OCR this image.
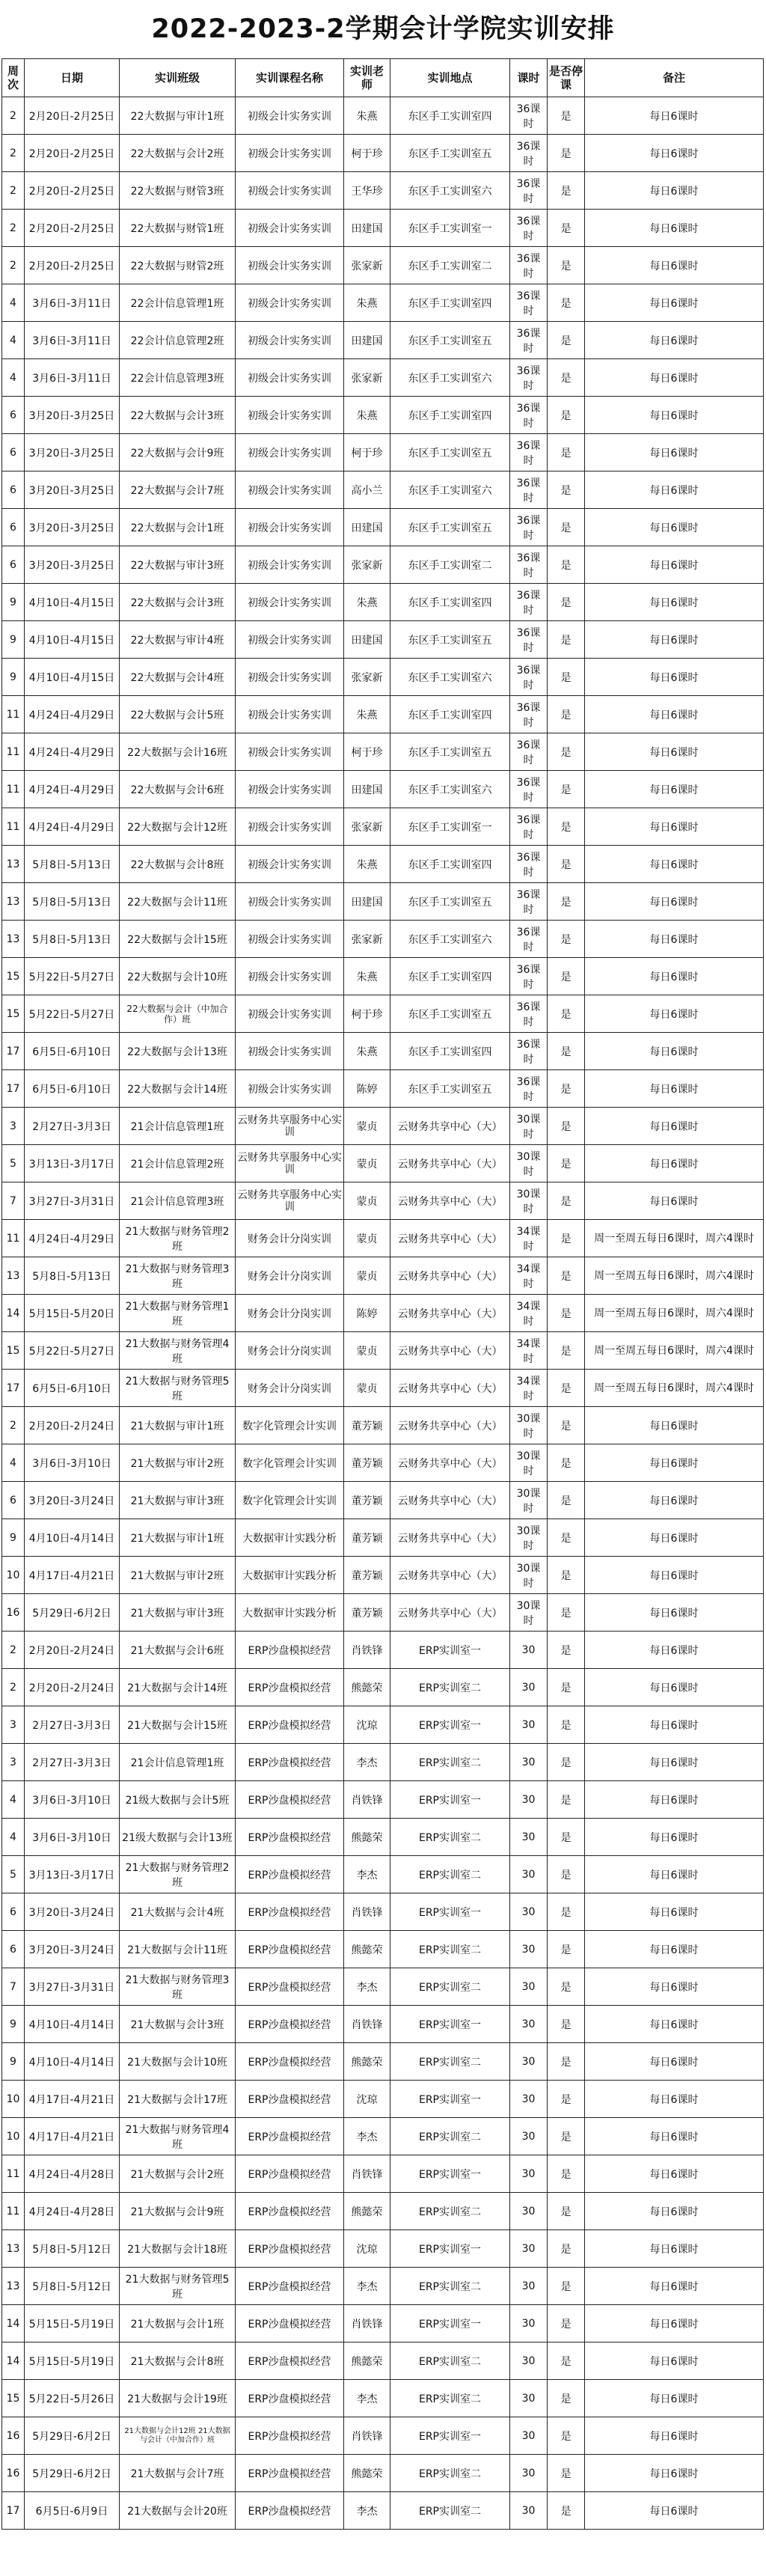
2022-2023-2学期会计学院实训安排
周次	日期	实训班级	实训课程名称	实训老师	实训地点	课时	是否停课	备注
2	2月20日-2月25日	22大数据与审计1班	初级会计实务实训	朱燕	东区手工实训室四	36课时	是	每日6课时
2	2月20日-2月25日	22大数据与会计2班	初级会计实务实训	柯于珍	东区手工实训室五	36课时	是	每日6课时
2	2月20日-2月25日	22大数据与财管3班	初级会计实务实训	王华珍	东区手工实训室六	36课时	是	每日6课时
2	2月20日-2月25日	22大数据与财管1班	初级会计实务实训	田建国	东区手工实训室一	36课时	是	每日6课时
2	2月20日-2月25日	22大数据与财管2班	初级会计实务实训	张家新	东区手工实训室二	36课时	是	每日6课时
4	3月6日-3月11日	22会计信息管理1班	初级会计实务实训	朱燕	东区手工实训室四	36课时	是	每日6课时
4	3月6日-3月11日	22会计信息管理2班	初级会计实务实训	田建国	东区手工实训室五	36课时	是	每日6课时
4	3月6日-3月11日	22会计信息管理3班	初级会计实务实训	张家新	东区手工实训室六	36课时	是	每日6课时
6	3月20日-3月25日	22大数据与会计3班	初级会计实务实训	朱燕	东区手工实训室四	36课时	是	每日6课时
6	3月20日-3月25日	22大数据与会计9班	初级会计实务实训	柯于珍	东区手工实训室五	36课时	是	每日6课时
6	3月20日-3月25日	22大数据与会计7班	初级会计实务实训	高小兰	东区手工实训室六	36课时	是	每日6课时
6	3月20日-3月25日	22大数据与会计1班	初级会计实务实训	田建国	东区手工实训室五	36课时	是	每日6课时
6	3月20日-3月25日	22大数据与审计3班	初级会计实务实训	张家新	东区手工实训室二	36课时	是	每日6课时
9	4月10日-4月15日	22大数据与会计3班	初级会计实务实训	朱燕	东区手工实训室四	36课时	是	每日6课时
9	4月10日-4月15日	22大数据与审计4班	初级会计实务实训	田建国	东区手工实训室五	36课时	是	每日6课时
9	4月10日-4月15日	22大数据与会计4班	初级会计实务实训	张家新	东区手工实训室六	36课时	是	每日6课时
11	4月24日-4月29日	22大数据与会计5班	初级会计实务实训	朱燕	东区手工实训室四	36课时	是	每日6课时
11	4月24日-4月29日	22大数据与会计16班	初级会计实务实训	柯于珍	东区手工实训室五	36课时	是	每日6课时
11	4月24日-4月29日	22大数据与会计6班	初级会计实务实训	田建国	东区手工实训室六	36课时	是	每日6课时
11	4月24日-4月29日	22大数据与会计12班	初级会计实务实训	张家新	东区手工实训室一	36课时	是	每日6课时
13	5月8日-5月13日	22大数据与会计8班	初级会计实务实训	朱燕	东区手工实训室四	36课时	是	每日6课时
13	5月8日-5月13日	22大数据与会计11班	初级会计实务实训	田建国	东区手工实训室五	36课时	是	每日6课时
13	5月8日-5月13日	22大数据与会计15班	初级会计实务实训	张家新	东区手工实训室六	36课时	是	每日6课时
15	5月22日-5月27日	22大数据与会计10班	初级会计实务实训	朱燕	东区手工实训室四	36课时	是	每日6课时
15	5月22日-5月27日	22大数据与会计（中加合作）班	初级会计实务实训	柯于珍	东区手工实训室五	36课时	是	每日6课时
17	6月5日-6月10日	22大数据与会计13班	初级会计实务实训	朱燕	东区手工实训室四	36课时	是	每日6课时
17	6月5日-6月10日	22大数据与会计14班	初级会计实务实训	陈婷	东区手工实训室五	36课时	是	每日6课时
3	2月27日-3月3日	21会计信息管理1班	云财务共享服务中心实训	蒙贞	云财务共享中心（大）	30课时	是	每日6课时
5	3月13日-3月17日	21会计信息管理2班	云财务共享服务中心实训	蒙贞	云财务共享中心（大）	30课时	是	每日6课时
7	3月27日-3月31日	21会计信息管理3班	云财务共享服务中心实训	蒙贞	云财务共享中心（大）	30课时	是	每日6课时
11	4月24日-4月29日	21大数据与财务管理2班	财务会计分岗实训	蒙贞	云财务共享中心（大）	34课时	是	周一至周五每日6课时，周六4课时
13	5月8日-5月13日	21大数据与财务管理3班	财务会计分岗实训	蒙贞	云财务共享中心（大）	34课时	是	周一至周五每日6课时，周六4课时
14	5月15日-5月20日	21大数据与财务管理1班	财务会计分岗实训	陈婷	云财务共享中心（大）	34课时	是	周一至周五每日6课时，周六4课时
15	5月22日-5月27日	21大数据与财务管理4班	财务会计分岗实训	蒙贞	云财务共享中心（大）	34课时	是	周一至周五每日6课时，周六4课时
17	6月5日-6月10日	21大数据与财务管理5班	财务会计分岗实训	蒙贞	云财务共享中心（大）	34课时	是	周一至周五每日6课时，周六4课时
2	2月20日-2月24日	21大数据与审计1班	数字化管理会计实训	董芳颖	云财务共享中心（大）	30课时	是	每日6课时
4	3月6日-3月10日	21大数据与审计2班	数字化管理会计实训	董芳颖	云财务共享中心（大）	30课时	是	每日6课时
6	3月20日-3月24日	21大数据与审计3班	数字化管理会计实训	董芳颖	云财务共享中心（大）	30课时	是	每日6课时
9	4月10日-4月14日	21大数据与审计1班	大数据审计实践分析	董芳颖	云财务共享中心（大）	30课时	是	每日6课时
10	4月17日-4月21日	21大数据与审计2班	大数据审计实践分析	董芳颖	云财务共享中心（大）	30课时	是	每日6课时
16	5月29日-6月2日	21大数据与审计3班	大数据审计实践分析	董芳颖	云财务共享中心（大）	30课时	是	每日6课时
2	2月20日-2月24日	21大数据与会计6班	ERP沙盘模拟经营	肖铁锋	ERP实训室一	30	是	每日6课时
2	2月20日-2月24日	21大数据与会计14班	ERP沙盘模拟经营	熊懿荣	ERP实训室二	30	是	每日6课时
3	2月27日-3月3日	21大数据与会计15班	ERP沙盘模拟经营	沈琼	ERP实训室一	30	是	每日6课时
3	2月27日-3月3日	21会计信息管理1班	ERP沙盘模拟经营	李杰	ERP实训室二	30	是	每日6课时
4	3月6日-3月10日	21级大数据与会计5班	ERP沙盘模拟经营	肖铁锋	ERP实训室一	30	是	每日6课时
4	3月6日-3月10日	21级大数据与会计13班	ERP沙盘模拟经营	熊懿荣	ERP实训室二	30	是	每日6课时
5	3月13日-3月17日	21大数据与财务管理2班	ERP沙盘模拟经营	李杰	ERP实训室二	30	是	每日6课时
6	3月20日-3月24日	21大数据与会计4班	ERP沙盘模拟经营	肖铁锋	ERP实训室一	30	是	每日6课时
6	3月20日-3月24日	21大数据与会计11班	ERP沙盘模拟经营	熊懿荣	ERP实训室二	30	是	每日6课时
7	3月27日-3月31日	21大数据与财务管理3班	ERP沙盘模拟经营	李杰	ERP实训室二	30	是	每日6课时
9	4月10日-4月14日	21大数据与会计3班	ERP沙盘模拟经营	肖铁锋	ERP实训室一	30	是	每日6课时
9	4月10日-4月14日	21大数据与会计10班	ERP沙盘模拟经营	熊懿荣	ERP实训室二	30	是	每日6课时
10	4月17日-4月21日	21大数据与会计17班	ERP沙盘模拟经营	沈琼	ERP实训室一	30	是	每日6课时
10	4月17日-4月21日	21大数据与财务管理4班	ERP沙盘模拟经营	李杰	ERP实训室二	30	是	每日6课时
11	4月24日-4月28日	21大数据与会计2班	ERP沙盘模拟经营	肖铁锋	ERP实训室一	30	是	每日6课时
11	4月24日-4月28日	21大数据与会计9班	ERP沙盘模拟经营	熊懿荣	ERP实训室二	30	是	每日6课时
13	5月8日-5月12日	21大数据与会计18班	ERP沙盘模拟经营	沈琼	ERP实训室一	30	是	每日6课时
13	5月8日-5月12日	21大数据与财务管理5班	ERP沙盘模拟经营	李杰	ERP实训室二	30	是	每日6课时
14	5月15日-5月19日	21大数据与会计1班	ERP沙盘模拟经营	肖铁锋	ERP实训室一	30	是	每日6课时
14	5月15日-5月19日	21大数据与会计8班	ERP沙盘模拟经营	熊懿荣	ERP实训室二	30	是	每日6课时
15	5月22日-5月26日	21大数据与会计19班	ERP沙盘模拟经营	李杰	ERP实训室二	30	是	每日6课时
16	5月29日-6月2日	21大数据与会计12班 21大数据与会计（中加合作）班	ERP沙盘模拟经营	肖铁锋	ERP实训室一	30	是	每日6课时
16	5月29日-6月2日	21大数据与会计7班	ERP沙盘模拟经营	熊懿荣	ERP实训室二	30	是	每日6课时
17	6月5日-6月9日	21大数据与会计20班	ERP沙盘模拟经营	李杰	ERP实训室二	30	是	每日6课时
